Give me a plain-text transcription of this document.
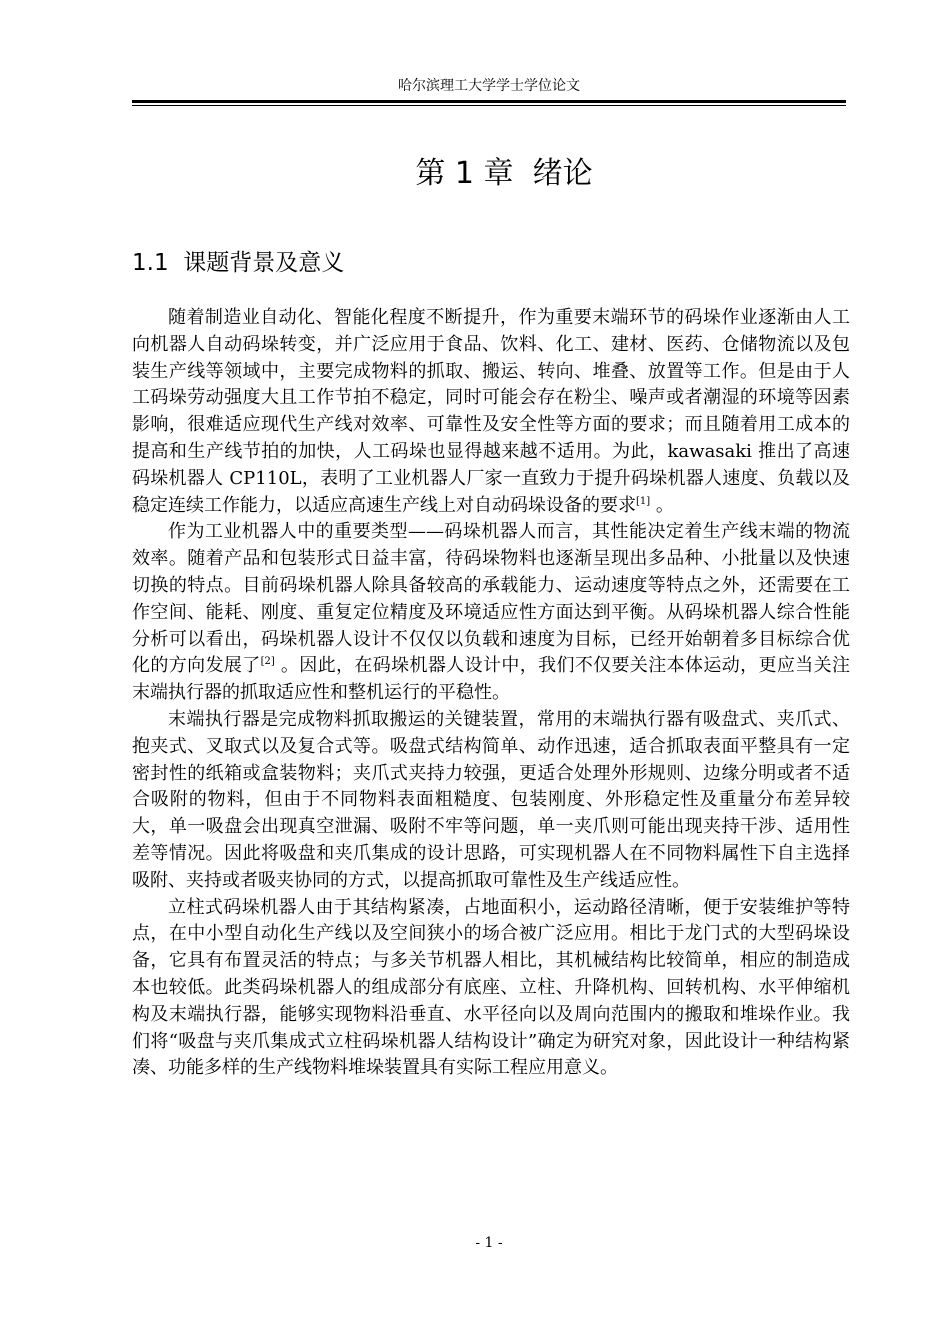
哈尔滨理工大学学士学位论文
第 1 章  绪论
1.1  课题背景及意义

随着制造业自动化、智能化程度不断提升，作为重要末端环节的码垛作业逐渐由人工向机器人自动码垛转变，并广泛应用于食品、饮料、化工、建材、医药、仓储物流以及包装生产线等领域中，主要完成物料的抓取、搬运、转向、堆叠、放置等工作。但是由于人工码垛劳动强度大且工作节拍不稳定，同时可能会存在粉尘、噪声或者潮湿的环境等因素影响，很难适应现代生产线对效率、可靠性及安全性等方面的要求；而且随着用工成本的提高和生产线节拍的加快，人工码垛也显得越来越不适用。为此，kawasaki 推出了高速码垛机器人 CP110L，表明了工业机器人厂家一直致力于提升码垛机器人速度、负载以及稳定连续工作能力，以适应高速生产线上对自动码垛设备的要求[1] 。

作为工业机器人中的重要类型——码垛机器人而言，其性能决定着生产线末端的物流效率。随着产品和包装形式日益丰富，待码垛物料也逐渐呈现出多品种、小批量以及快速切换的特点。目前码垛机器人除具备较高的承载能力、运动速度等特点之外，还需要在工作空间、能耗、刚度、重复定位精度及环境适应性方面达到平衡。从码垛机器人综合性能分析可以看出，码垛机器人设计不仅仅以负载和速度为目标，已经开始朝着多目标综合优化的方向发展了[2] 。因此，在码垛机器人设计中，我们不仅要关注本体运动，更应当关注末端执行器的抓取适应性和整机运行的平稳性。

末端执行器是完成物料抓取搬运的关键装置，常用的末端执行器有吸盘式、夹爪式、抱夹式、叉取式以及复合式等。吸盘式结构简单、动作迅速，适合抓取表面平整具有一定密封性的纸箱或盒装物料；夹爪式夹持力较强，更适合处理外形规则、边缘分明或者不适合吸附的物料，但由于不同物料表面粗糙度、包装刚度、外形稳定性及重量分布差异较大，单一吸盘会出现真空泄漏、吸附不牢等问题，单一夹爪则可能出现夹持干涉、适用性差等情况。因此将吸盘和夹爪集成的设计思路，可实现机器人在不同物料属性下自主选择吸附、夹持或者吸夹协同的方式，以提高抓取可靠性及生产线适应性。

立柱式码垛机器人由于其结构紧凑，占地面积小，运动路径清晰，便于安装维护等特点，在中小型自动化生产线以及空间狭小的场合被广泛应用。相比于龙门式的大型码垛设备，它具有布置灵活的特点；与多关节机器人相比，其机械结构比较简单，相应的制造成本也较低。此类码垛机器人的组成部分有底座、立柱、升降机构、回转机构、水平伸缩机构及末端执行器，能够实现物料沿垂直、水平径向以及周向范围内的搬取和堆垛作业。我们将“吸盘与夹爪集成式立柱码垛机器人结构设计”确定为研究对象，因此设计一种结构紧凑、功能多样的生产线物料堆垛装置具有实际工程应用意义。

- 1 -
